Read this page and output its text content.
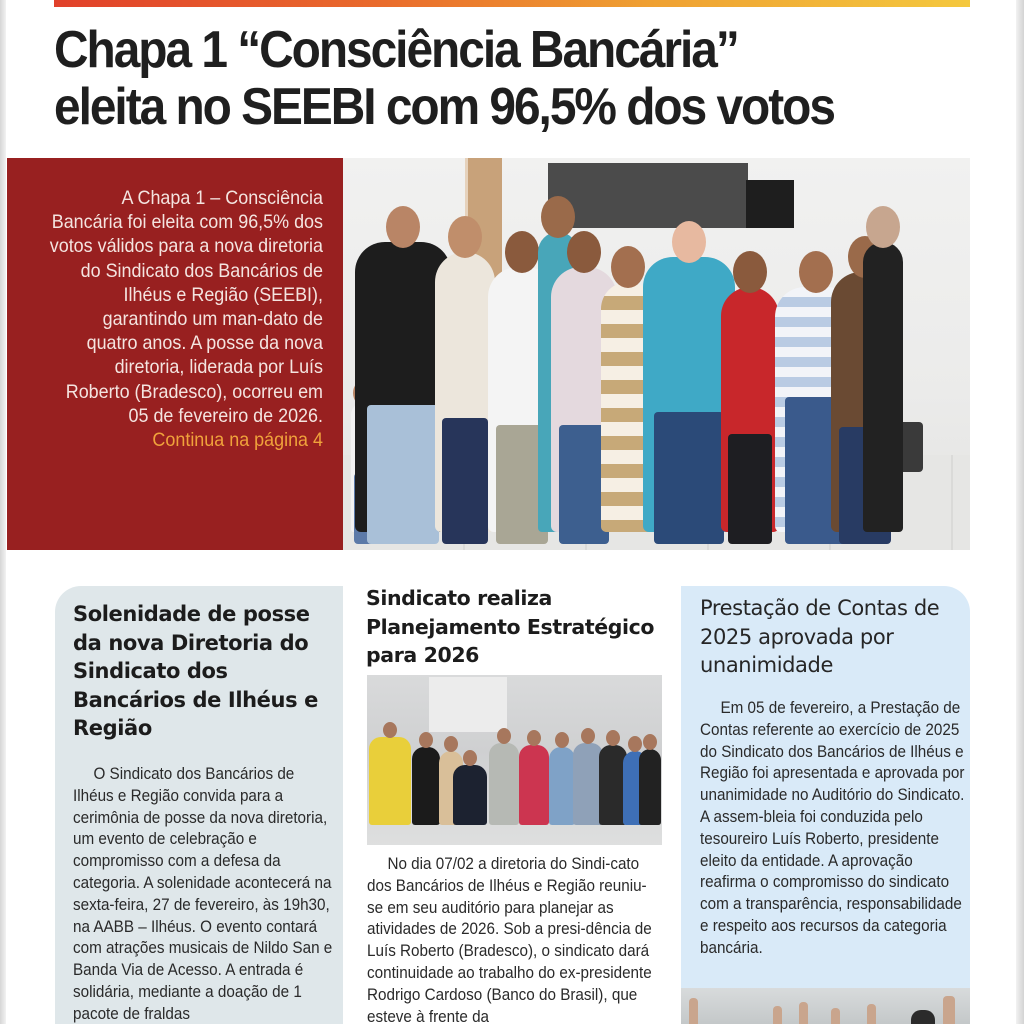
Chapa 1 “Consciência Bancária”
eleita no SEEBI com 96,5% dos votos

A Chapa 1 – Consciência Bancária foi eleita com 96,5% dos votos válidos para a nova diretoria do Sindicato dos Bancários de Ilhéus e Região (SEEBI), garantindo um man-dato de quatro anos. A posse da nova diretoria, liderada por Luís Roberto (Bradesco), ocorreu em 05 de fevereiro de 2026.
Continua na página 4

Solenidade de posse da nova Diretoria do Sindicato dos Bancários de Ilhéus e Região

O Sindicato dos Bancários de Ilhéus e Região convida para a cerimônia de posse da nova diretoria, um evento de celebração e compromisso com a defesa da categoria. A solenidade acontecerá na sexta-feira, 27 de fevereiro, às 19h30, na AABB – Ilhéus. O evento contará com atrações musicais de Nildo San e Banda Via de Acesso. A entrada é solidária, mediante a doação de 1 pacote de fraldas

Sindicato realiza Planejamento Estratégico para 2026

No dia 07/02 a diretoria do Sindi-cato dos Bancários de Ilhéus e Região reuniu-se em seu auditório para planejar as atividades de 2026. Sob a presi-dência de Luís Roberto (Bradesco), o sindicato dará continuidade ao trabalho do ex-presidente Rodrigo Cardoso (Banco do Brasil), que esteve à frente da

Prestação de Contas de 2025 aprovada por unanimidade

Em 05 de fevereiro, a Prestação de Contas referente ao exercício de 2025 do Sindicato dos Bancários de Ilhéus e Região foi apresentada e aprovada por unanimidade no Auditório do Sindicato. A assem-bleia foi conduzida pelo tesoureiro Luís Roberto, presidente eleito da entidade. A aprovação reafirma o compromisso do sindicato com a transparência, responsabilidade e respeito aos recursos da categoria bancária.
